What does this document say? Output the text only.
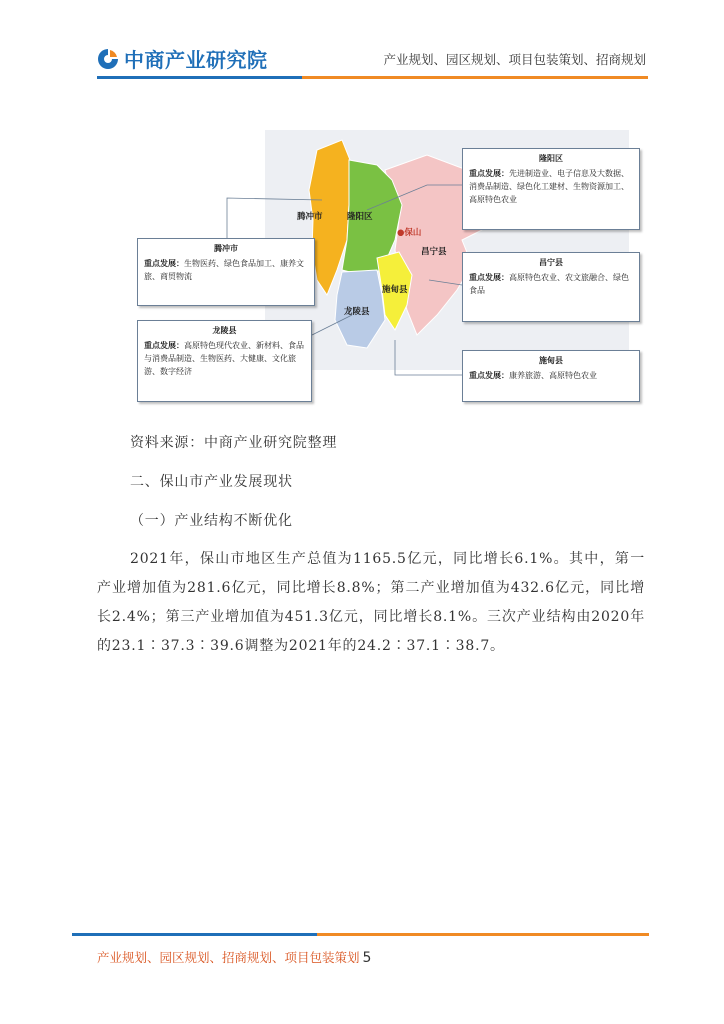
中商产业研究院	产业规划、园区规划、项目包装策划、招商规划
腾冲市	隆阳区
●保山
昌宁县
施甸县
龙陵县
隆阳区
重点发展：先进制造业、电子信息及大数据、消费品制造、绿色化工建材、生物资源加工、高原特色农业
腾冲市
重点发展：生物医药、绿色食品加工、康养文旅、商贸物流
昌宁县
重点发展：高原特色农业、农文旅融合、绿色食品
龙陵县
重点发展：高原特色现代农业、新材料、食品与消费品制造、生物医药、大健康、文化旅游、数字经济
施甸县
重点发展：康养旅游、高原特色农业
资料来源：中商产业研究院整理
二、保山市产业发展现状
（一）产业结构不断优化
2021年，保山市地区生产总值为1165.5亿元，同比增长6.1%。其中，第一产业增加值为281.6亿元，同比增长8.8%；第二产业增加值为432.6亿元，同比增长2.4%；第三产业增加值为451.3亿元，同比增长8.1%。三次产业结构由2020年的23.1∶37.3∶39.6调整为2021年的24.2∶37.1∶38.7。
产业规划、园区规划、招商规划、项目包装策划 5
